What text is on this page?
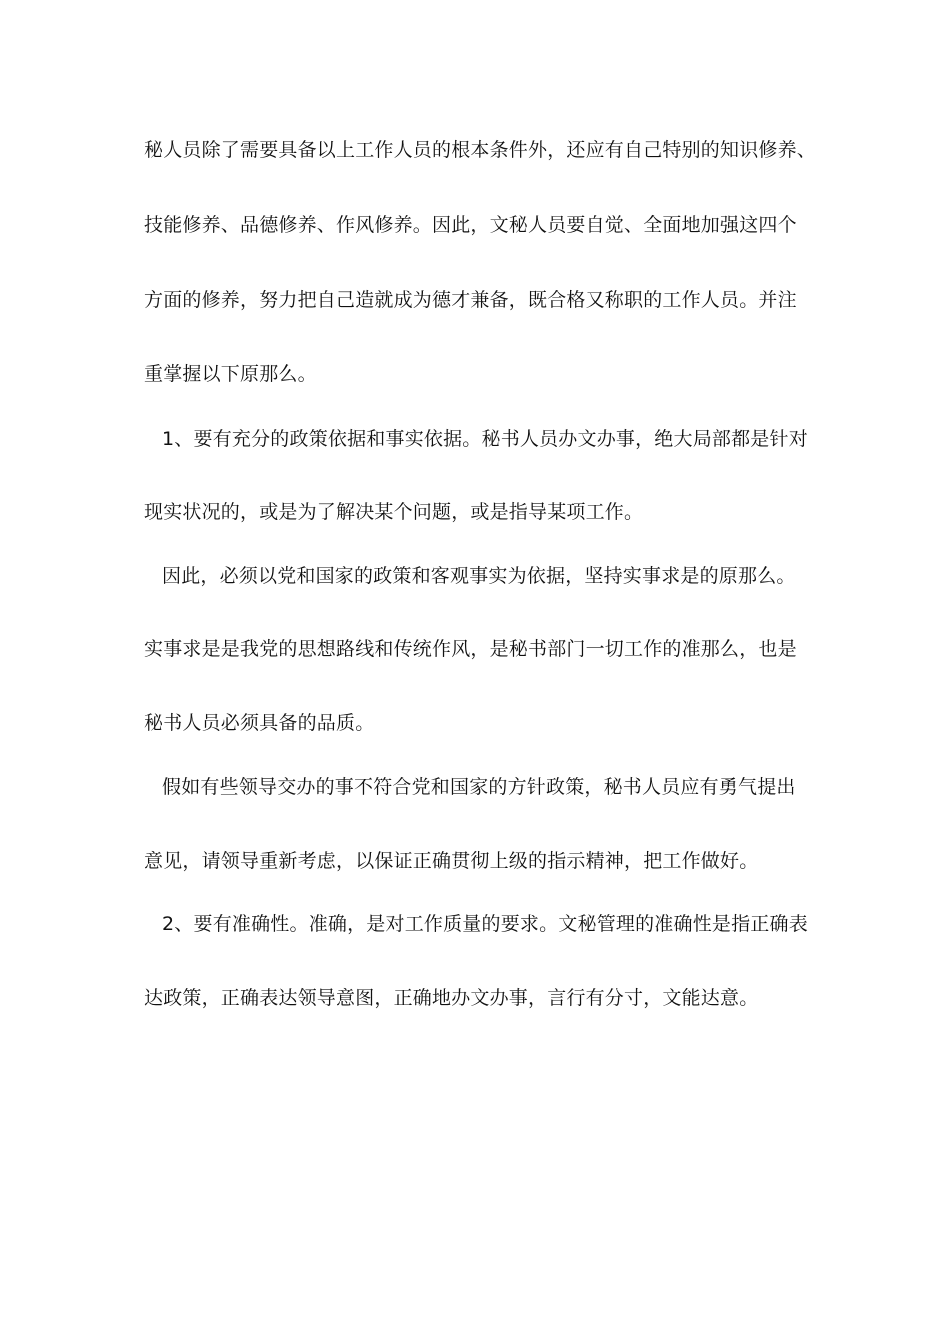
秘人员除了需要具备以上工作人员的根本条件外，还应有自己特别的知识修养、
技能修养、品德修养、作风修养。因此，文秘人员要自觉、全面地加强这四个
方面的修养，努力把自己造就成为德才兼备，既合格又称职的工作人员。并注
重掌握以下原那么。
1、要有充分的政策依据和事实依据。秘书人员办文办事，绝大局部都是针对
现实状况的，或是为了解决某个问题，或是指导某项工作。
因此，必须以党和国家的政策和客观事实为依据，坚持实事求是的原那么。
实事求是是我党的思想路线和传统作风，是秘书部门一切工作的准那么，也是
秘书人员必须具备的品质。
假如有些领导交办的事不符合党和国家的方针政策，秘书人员应有勇气提出
意见，请领导重新考虑，以保证正确贯彻上级的指示精神，把工作做好。
2、要有准确性。准确，是对工作质量的要求。文秘管理的准确性是指正确表
达政策，正确表达领导意图，正确地办文办事，言行有分寸，文能达意。
